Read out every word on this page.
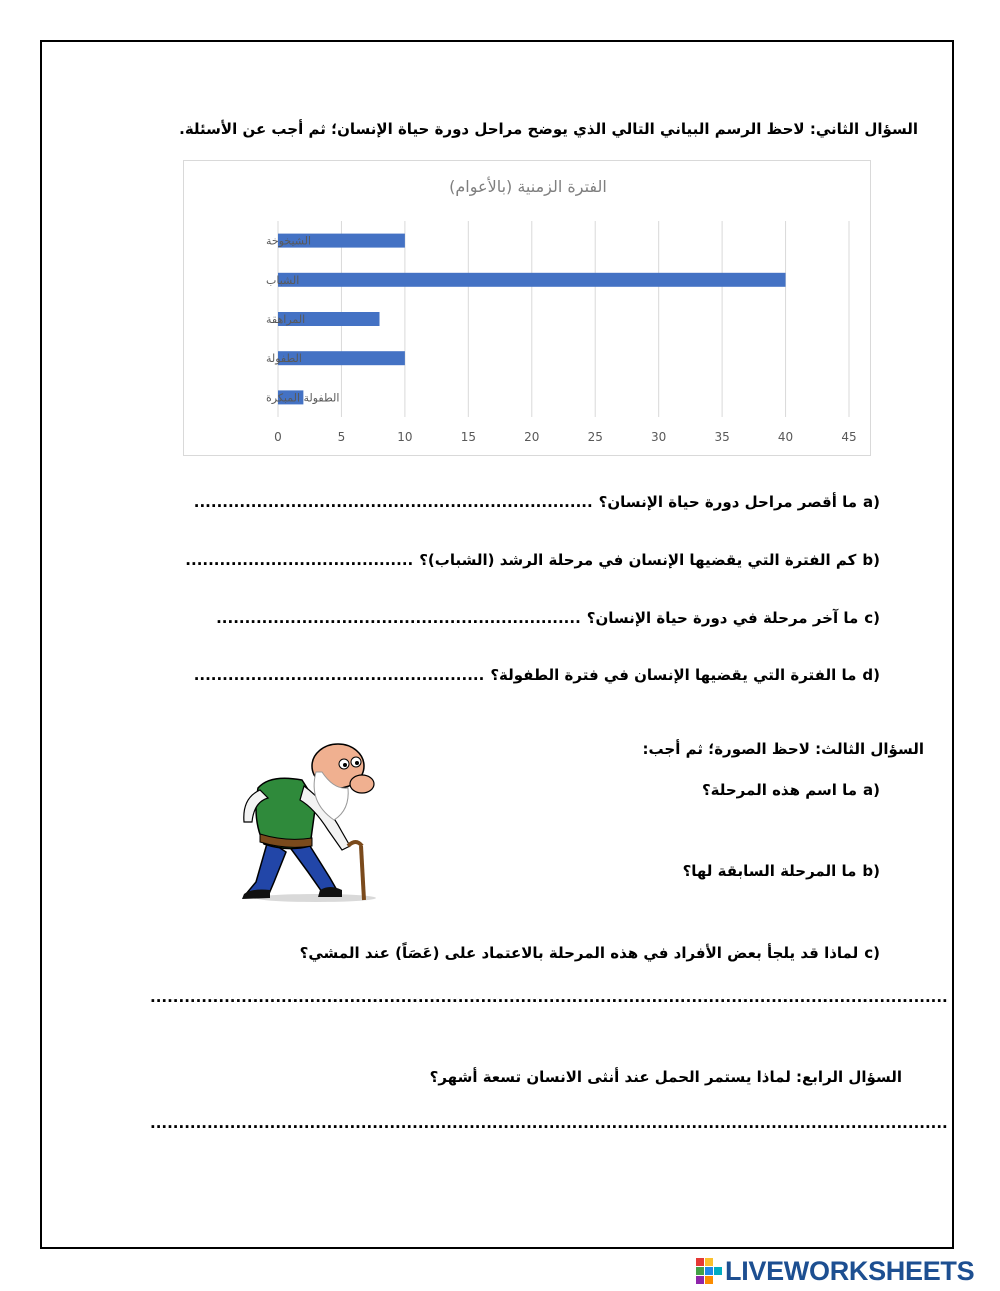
السؤال الثاني: لاحظ الرسم البياني التالي الذي يوضح مراحل دورة حياة الإنسان؛ ثم أجب عن الأسئلة.
الفترة الزمنية (بالأعوام)
0	5	10	15	20	25	30	35	40	45
الشيخوخة
الشباب
المراهقة
الطفولة
الطفولة المبكرة
a)
ما أقصر مراحل دورة حياة الإنسان؟
......................................................................
b)
كم الفترة التي يقضيها الإنسان في مرحلة الرشد (الشباب)؟
........................................
c)
ما آخر مرحلة في دورة حياة الإنسان؟
................................................................
d)
ما الفترة التي يقضيها الإنسان في فترة الطفولة؟
...................................................
السؤال الثالث: لاحظ الصورة؛ ثم أجب:
a)
ما اسم هذه المرحلة؟
b)
ما المرحلة السابقة لها؟
c)
لماذا قد يلجأ بعض الأفراد في هذه المرحلة بالاعتماد على (عَصَاً) عند المشي؟
............................................................................................................................................
السؤال الرابع: لماذا يستمر الحمل عند أنثى الانسان تسعة أشهر؟
............................................................................................................................................
LIVEWORKSHEETS
